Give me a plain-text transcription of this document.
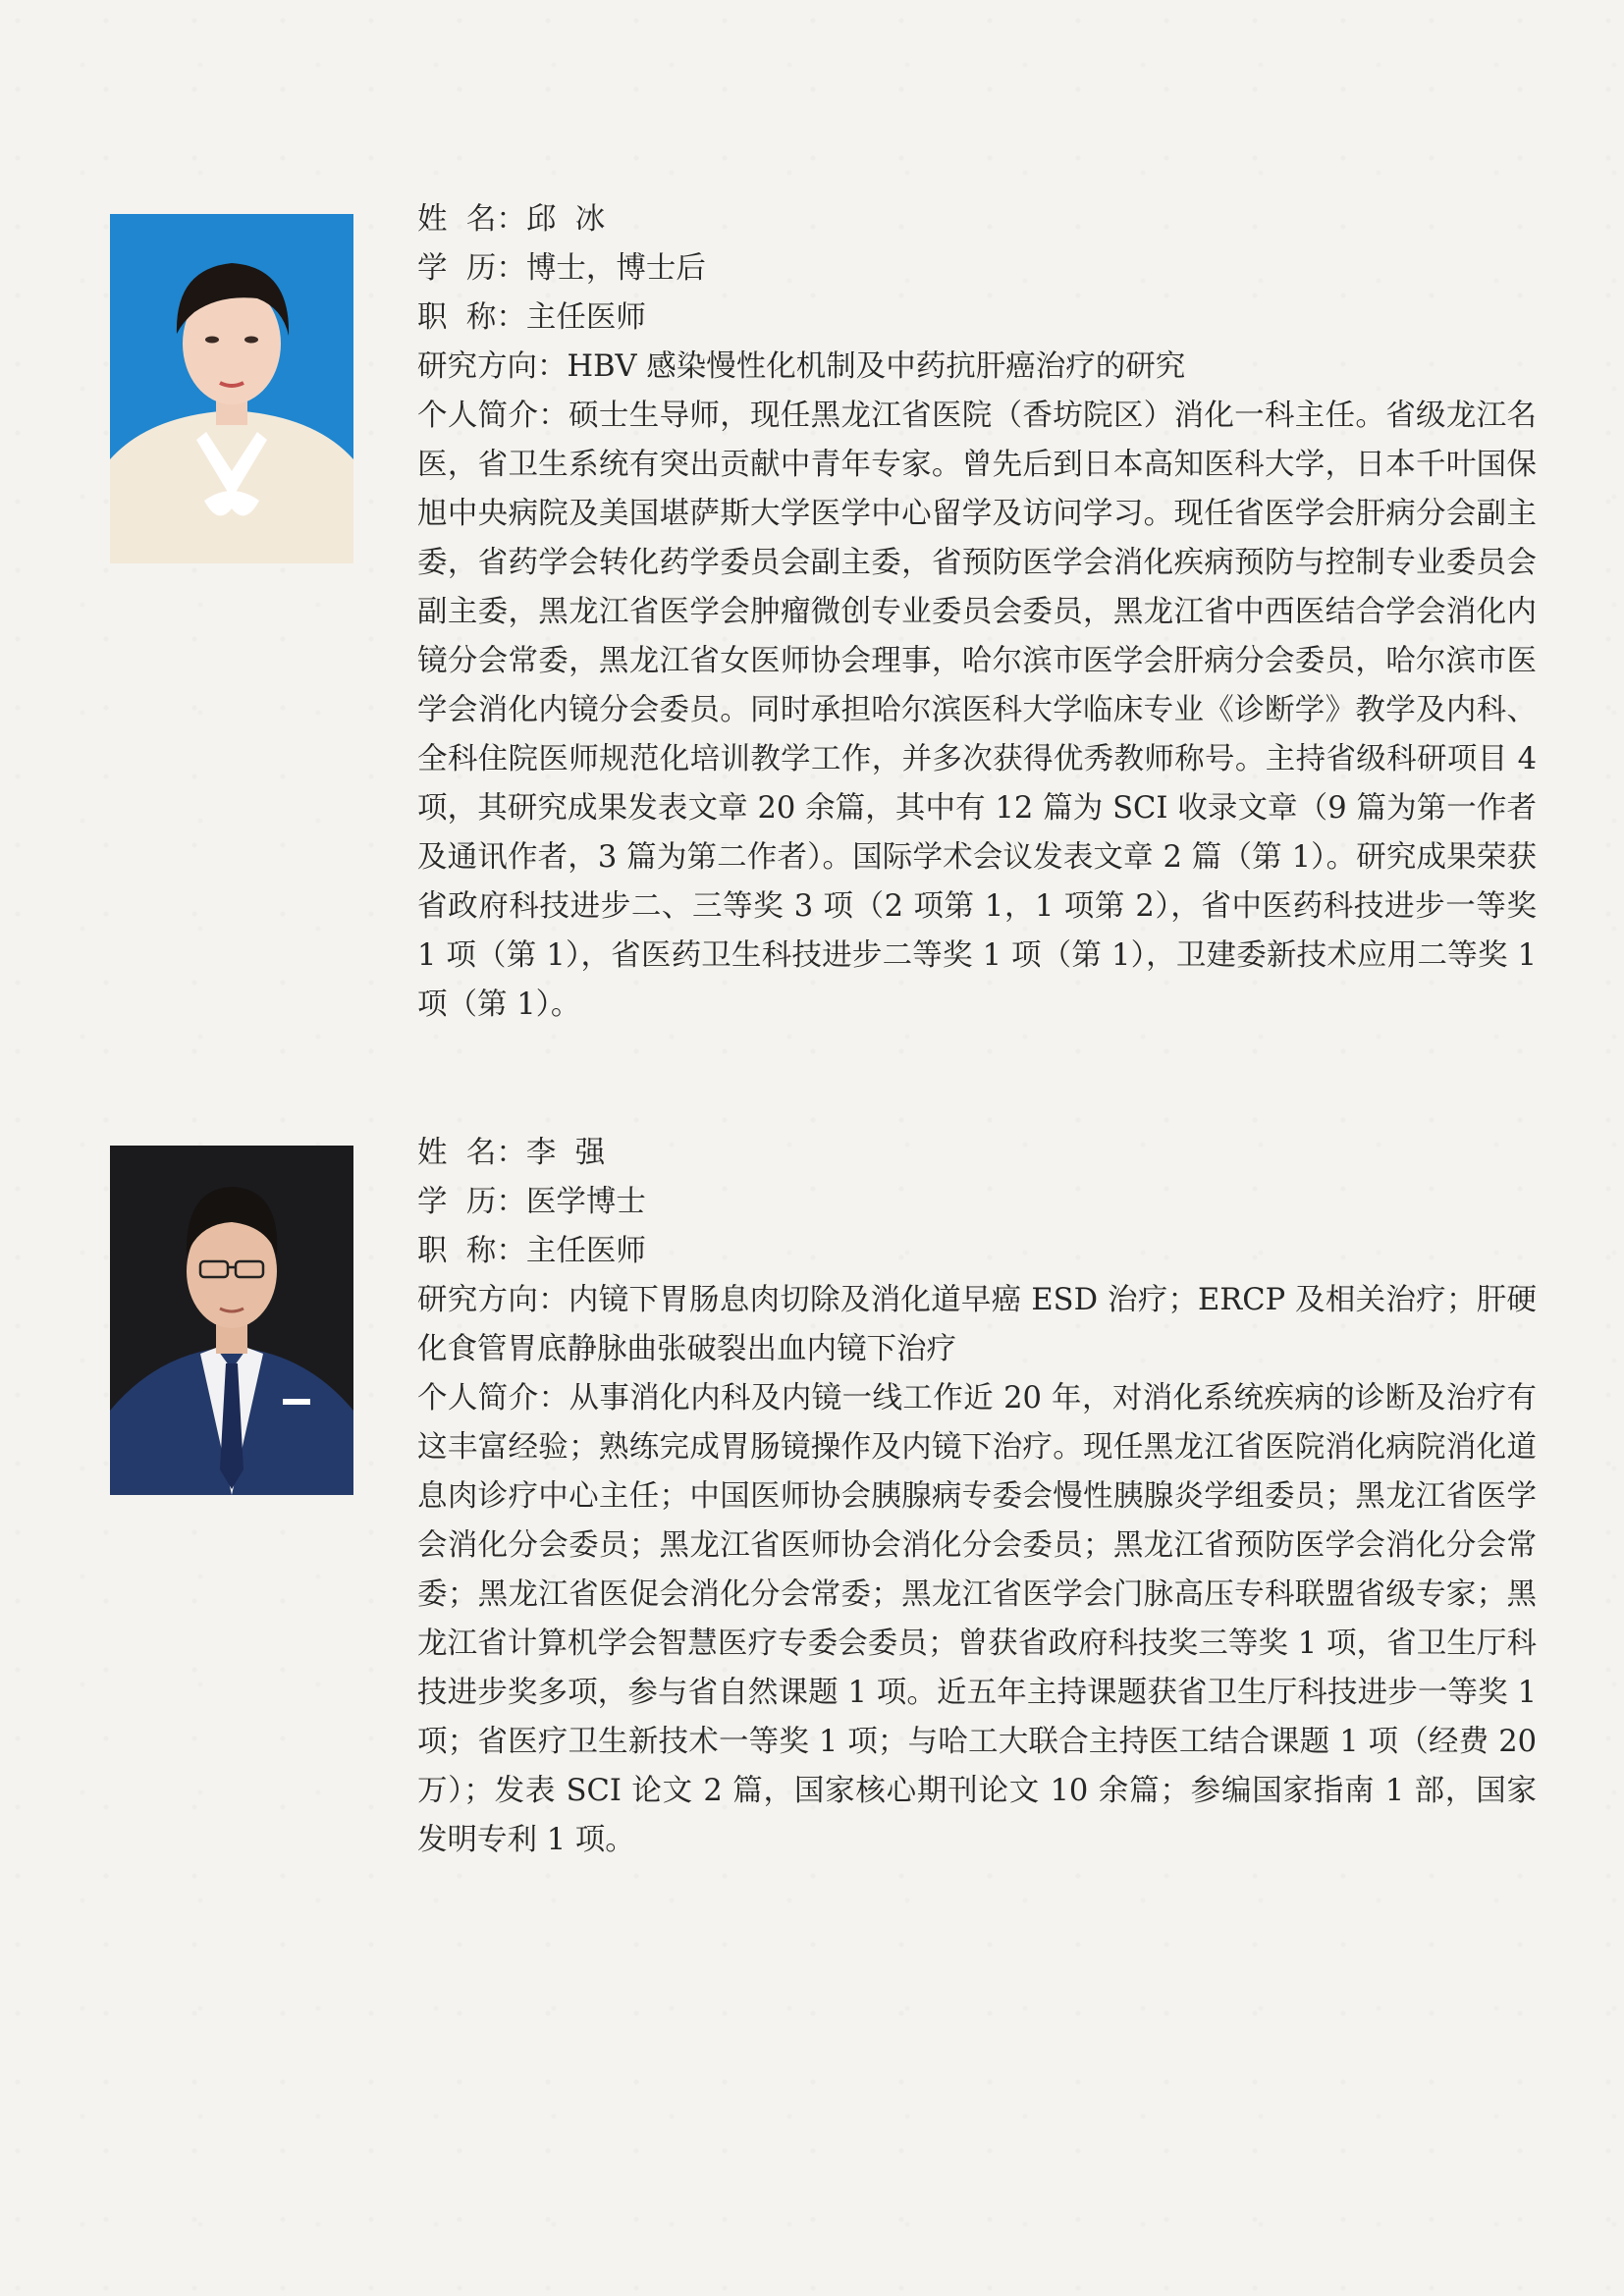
姓  名：邱  冰
学  历：博士，博士后
职  称：主任医师
研究方向：HBV 感染慢性化机制及中药抗肝癌治疗的研究
个人简介：硕士生导师，现任黑龙江省医院（香坊院区）消化一科主任。省级龙江名医，省卫生系统有突出贡献中青年专家。曾先后到日本高知医科大学，日本千叶国保旭中央病院及美国堪萨斯大学医学中心留学及访问学习。现任省医学会肝病分会副主委，省药学会转化药学委员会副主委，省预防医学会消化疾病预防与控制专业委员会副主委，黑龙江省医学会肿瘤微创专业委员会委员，黑龙江省中西医结合学会消化内镜分会常委，黑龙江省女医师协会理事，哈尔滨市医学会肝病分会委员，哈尔滨市医学会消化内镜分会委员。同时承担哈尔滨医科大学临床专业《诊断学》教学及内科、全科住院医师规范化培训教学工作，并多次获得优秀教师称号。主持省级科研项目 4 项，其研究成果发表文章 20 余篇，其中有 12 篇为 SCI 收录文章（9 篇为第一作者及通讯作者，3 篇为第二作者）。国际学术会议发表文章 2 篇（第 1）。研究成果荣获省政府科技进步二、三等奖 3 项（2 项第 1，1 项第 2），省中医药科技进步一等奖 1 项（第 1），省医药卫生科技进步二等奖 1 项（第 1），卫建委新技术应用二等奖 1 项（第 1）。
姓  名：李  强
学  历：医学博士
职  称：主任医师
研究方向：内镜下胃肠息肉切除及消化道早癌 ESD 治疗；ERCP 及相关治疗；肝硬化食管胃底静脉曲张破裂出血内镜下治疗
个人简介：从事消化内科及内镜一线工作近 20 年，对消化系统疾病的诊断及治疗有这丰富经验；熟练完成胃肠镜操作及内镜下治疗。现任黑龙江省医院消化病院消化道息肉诊疗中心主任；中国医师协会胰腺病专委会慢性胰腺炎学组委员；黑龙江省医学会消化分会委员；黑龙江省医师协会消化分会委员；黑龙江省预防医学会消化分会常委；黑龙江省医促会消化分会常委；黑龙江省医学会门脉高压专科联盟省级专家；黑龙江省计算机学会智慧医疗专委会委员；曾获省政府科技奖三等奖 1 项，省卫生厅科技进步奖多项，参与省自然课题 1 项。近五年主持课题获省卫生厅科技进步一等奖 1 项；省医疗卫生新技术一等奖 1 项；与哈工大联合主持医工结合课题 1 项（经费 20 万）；发表 SCI 论文 2 篇，国家核心期刊论文 10 余篇；参编国家指南 1 部，国家发明专利 1 项。
